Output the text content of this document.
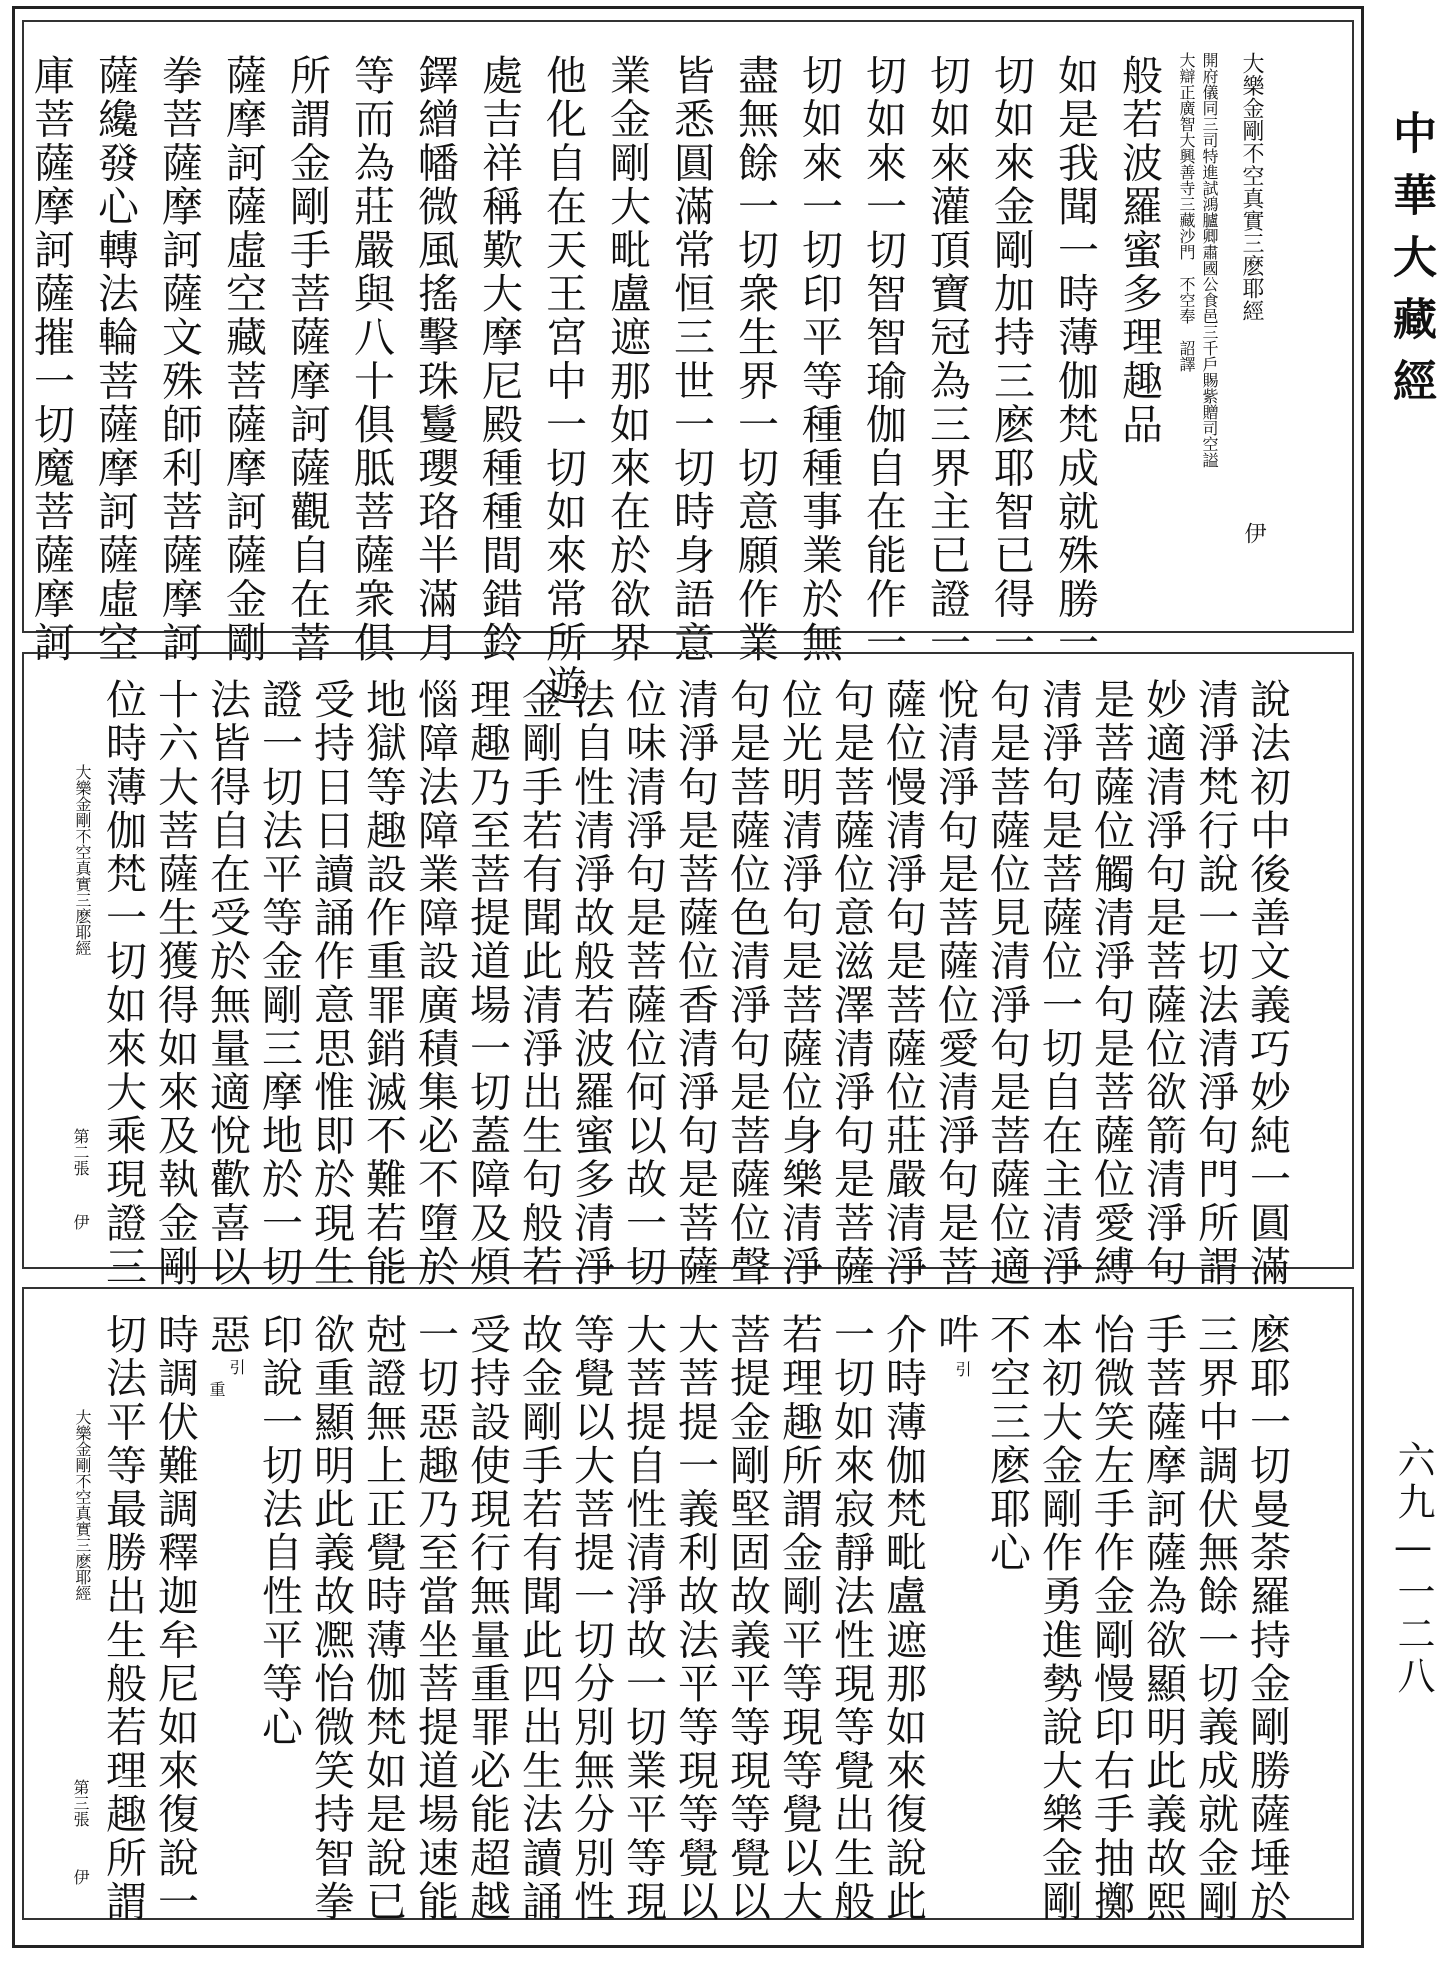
大樂金剛不空真實三麽耶經
伊
開府儀同三司特進試鴻臚卿肅國公食邑三千戶賜紫贈司空謚
大辯正廣智大興善寺三藏沙門　不空奉　詔譯
般若波羅蜜多理趣品
如是我聞一時薄伽梵成就殊勝一
切如來金剛加持三麽耶智已得一
切如來灌頂寶冠為三界主已證一
切如來一切智智瑜伽自在能作一
切如來一切印平等種種事業於無
盡無餘一切衆生界一切意願作業
皆悉圓滿常恒三世一切時身語意
業金剛大毗盧遮那如來在於欲界
他化自在天王宮中一切如來常所遊
處吉祥稱歎大摩尼殿種種間錯鈴
鐸繒幡微風搖擊珠鬘瓔珞半滿月
等而為莊嚴與八十俱胝菩薩衆俱
所謂金剛手菩薩摩訶薩觀自在菩
薩摩訶薩虛空藏菩薩摩訶薩金剛
拳菩薩摩訶薩文殊師利菩薩摩訶
薩纔發心轉法輪菩薩摩訶薩虛空
庫菩薩摩訶薩摧一切魔菩薩摩訶
說法初中後善文義巧妙純一圓滿
清淨梵行說一切法清淨句門所謂
妙適清淨句是菩薩位欲箭清淨句
是菩薩位觸清淨句是菩薩位愛縛
清淨句是菩薩位一切自在主清淨
句是菩薩位見清淨句是菩薩位適
悅清淨句是菩薩位愛清淨句是菩
薩位慢清淨句是菩薩位莊嚴清淨
句是菩薩位意滋澤清淨句是菩薩
位光明清淨句是菩薩位身樂清淨
句是菩薩位色清淨句是菩薩位聲
清淨句是菩薩位香清淨句是菩薩
位味清淨句是菩薩位何以故一切
法自性清淨故般若波羅蜜多清淨
金剛手若有聞此清淨出生句般若
理趣乃至菩提道場一切蓋障及煩
惱障法障業障設廣積集必不墮於
地獄等趣設作重罪銷滅不難若能
受持日日讀誦作意思惟即於現生
證一切法平等金剛三摩地於一切
法皆得自在受於無量適悅歡喜以
十六大菩薩生獲得如來及執金剛
位時薄伽梵一切如來大乘現證三
大樂金剛不空真實三麽耶經
第二張
伊
麽耶一切曼荼羅持金剛勝薩埵於
三界中調伏無餘一切義成就金剛
手菩薩摩訶薩為欲顯明此義故熙
怡微笑左手作金剛慢印右手抽擲
本初大金剛作勇進勢說大樂金剛
不空三麽耶心
吽
引
介時薄伽梵毗盧遮那如來復說此
一切如來寂靜法性現等覺出生般
若理趣所謂金剛平等現等覺以大
菩提金剛堅固故義平等現等覺以
大菩提一義利故法平等現等覺以
大菩提自性清淨故一切業平等現
等覺以大菩提一切分別無分別性
故金剛手若有聞此四出生法讀誦
受持設使現行無量重罪必能超越
一切惡趣乃至當坐菩提道場速能
尅證無上正覺時薄伽梵如是說已
欲重顯明此義故凞怡微笑持智拳
印說一切法自性平等心
惡
引
重
時調伏難調釋迦牟尼如來復說一
切法平等最勝出生般若理趣所謂
大樂金剛不空真實三麽耶經
第三張
伊
中華大藏經
六九—一二八
